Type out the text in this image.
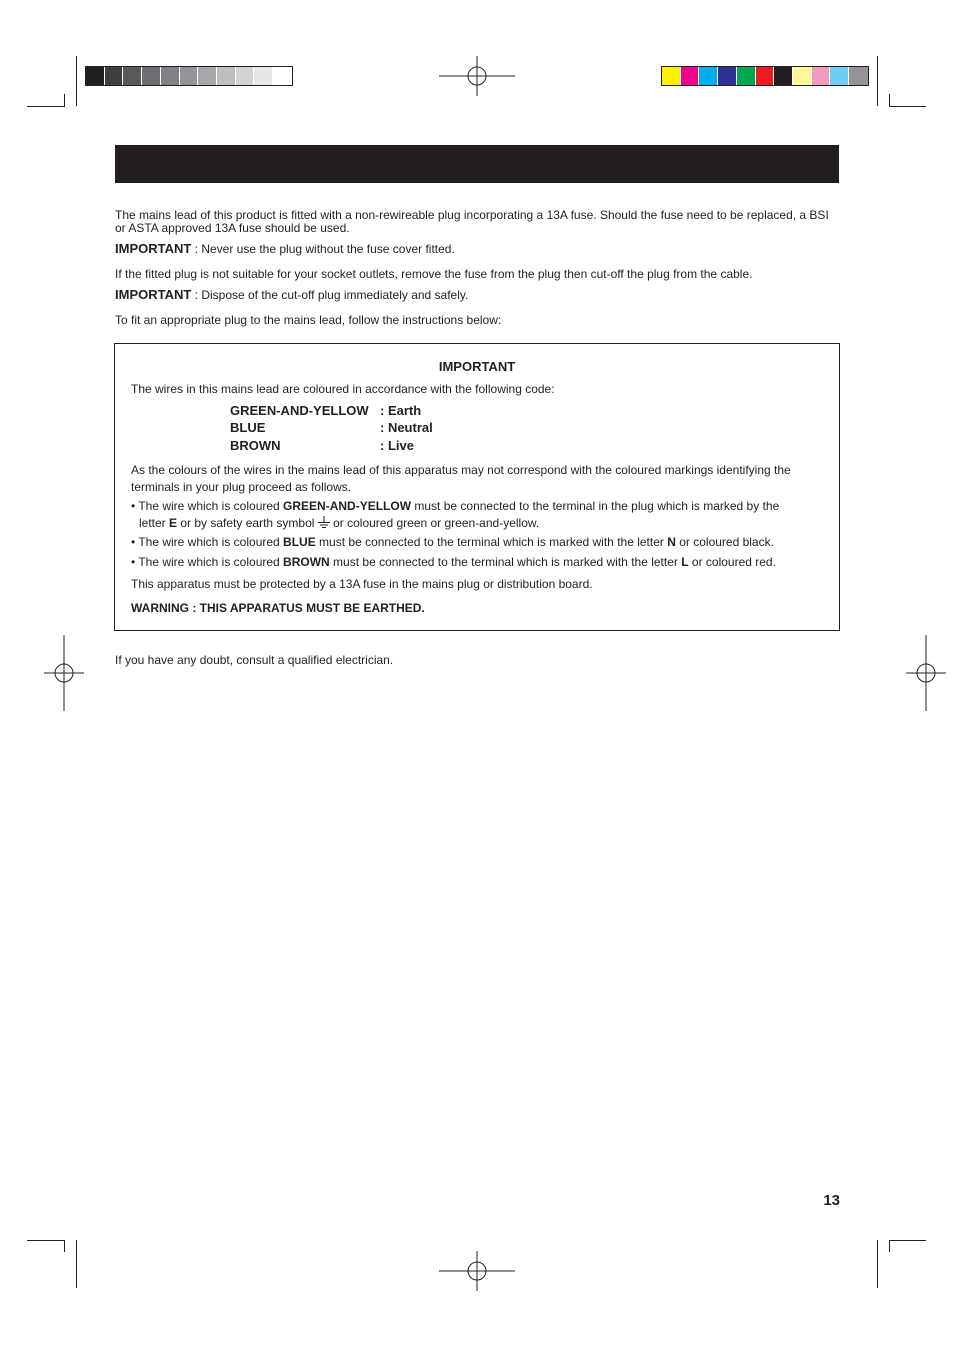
The mains lead of this product is fitted with a non-rewireable plug incorporating a 13A fuse. Should the fuse need to be replaced, a BSI or ASTA approved 13A fuse should be used.

IMPORTANT : Never use the plug without the fuse cover fitted.

If the fitted plug is not suitable for your socket outlets, remove the fuse from the plug then cut-off the plug from the cable.

IMPORTANT : Dispose of the cut-off plug immediately and safely.

To fit an appropriate plug to the mains lead, follow the instructions below:

IMPORTANT

The wires in this mains lead are coloured in accordance with the following code:

GREEN-AND-YELLOW : Earth
BLUE	: Neutral
BROWN	: Live

As the colours of the wires in the mains lead of this apparatus may not correspond with the coloured markings identifying the terminals in your plug proceed as follows.

• The wire which is coloured GREEN-AND-YELLOW must be connected to the terminal in the plug which is marked by the

letter E or by safety earth symbol  or coloured green or green-and-yellow.

• The wire which is coloured BLUE must be connected to the terminal which is marked with the letter N or coloured black.

• The wire which is coloured BROWN must be connected to the terminal which is marked with the letter L or coloured red.

This apparatus must be protected by a 13A fuse in the mains plug or distribution board.

WARNING : THIS APPARATUS MUST BE EARTHED.

If you have any doubt, consult a qualified electrician.

13
